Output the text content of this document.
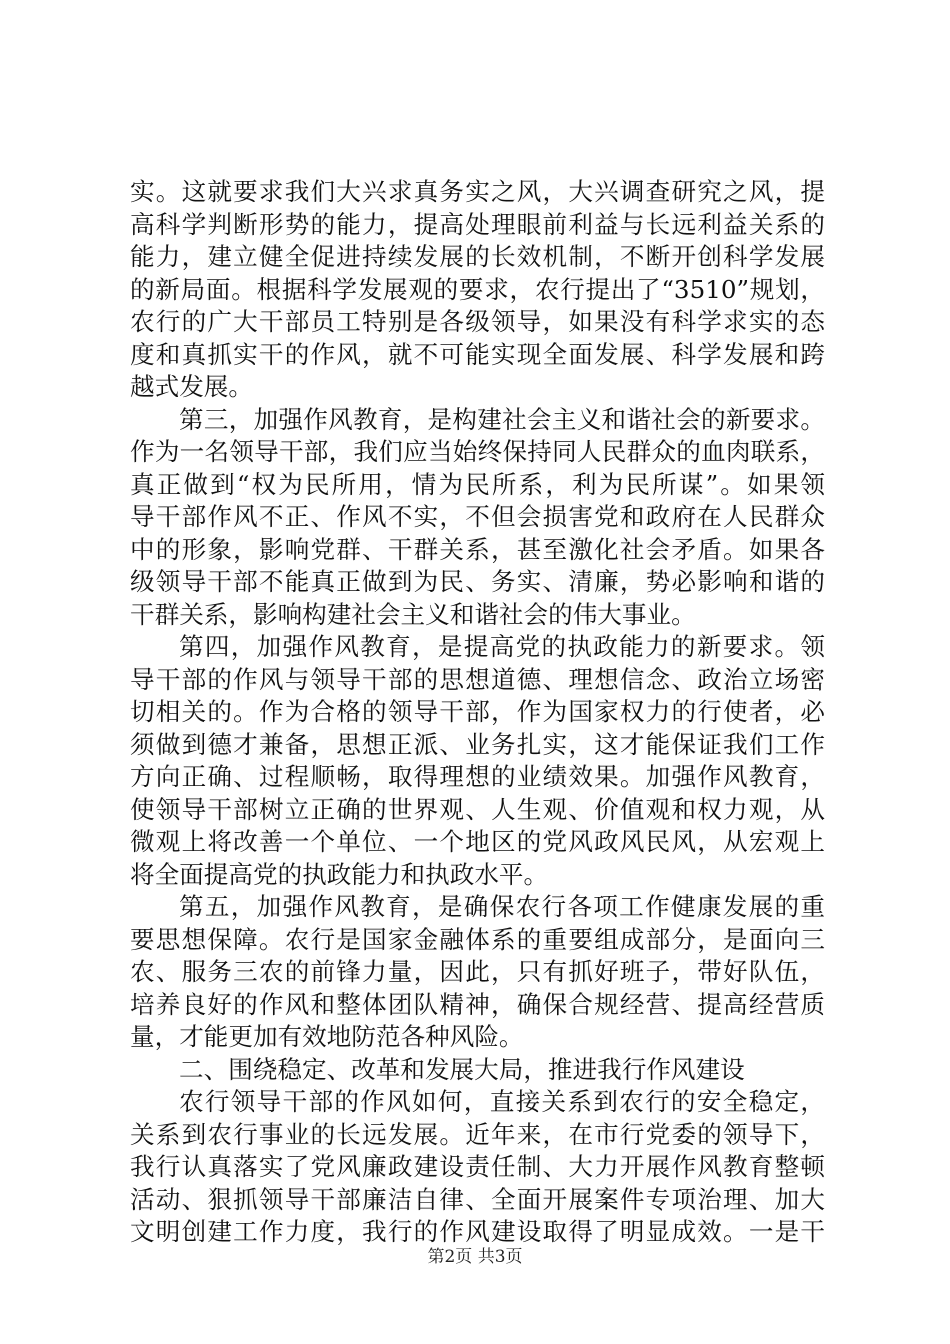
实。这就要求我们大兴求真务实之风，大兴调查研究之风，提
高科学判断形势的能力，提高处理眼前利益与长远利益关系的
能力，建立健全促进持续发展的长效机制，不断开创科学发展
的新局面。根据科学发展观的要求，农行提出了“3510”规划，
农行的广大干部员工特别是各级领导，如果没有科学求实的态
度和真抓实干的作风，就不可能实现全面发展、科学发展和跨
越式发展。
第三，加强作风教育，是构建社会主义和谐社会的新要求。
作为一名领导干部，我们应当始终保持同人民群众的血肉联系，
真正做到“权为民所用，情为民所系，利为民所谋”。如果领
导干部作风不正、作风不实，不但会损害党和政府在人民群众
中的形象，影响党群、干群关系，甚至激化社会矛盾。如果各
级领导干部不能真正做到为民、务实、清廉，势必影响和谐的
干群关系，影响构建社会主义和谐社会的伟大事业。
第四，加强作风教育，是提高党的执政能力的新要求。领
导干部的作风与领导干部的思想道德、理想信念、政治立场密
切相关的。作为合格的领导干部，作为国家权力的行使者，必
须做到德才兼备，思想正派、业务扎实，这才能保证我们工作
方向正确、过程顺畅，取得理想的业绩效果。加强作风教育，
使领导干部树立正确的世界观、人生观、价值观和权力观，从
微观上将改善一个单位、一个地区的党风政风民风，从宏观上
将全面提高党的执政能力和执政水平。
第五，加强作风教育，是确保农行各项工作健康发展的重
要思想保障。农行是国家金融体系的重要组成部分，是面向三
农、服务三农的前锋力量，因此，只有抓好班子，带好队伍，
培养良好的作风和整体团队精神，确保合规经营、提高经营质
量，才能更加有效地防范各种风险。
二、围绕稳定、改革和发展大局，推进我行作风建设
农行领导干部的作风如何，直接关系到农行的安全稳定，
关系到农行事业的长远发展。近年来，在市行党委的领导下，
我行认真落实了党风廉政建设责任制、大力开展作风教育整顿
活动、狠抓领导干部廉洁自律、全面开展案件专项治理、加大
文明创建工作力度，我行的作风建设取得了明显成效。一是干
第2页 共3页
